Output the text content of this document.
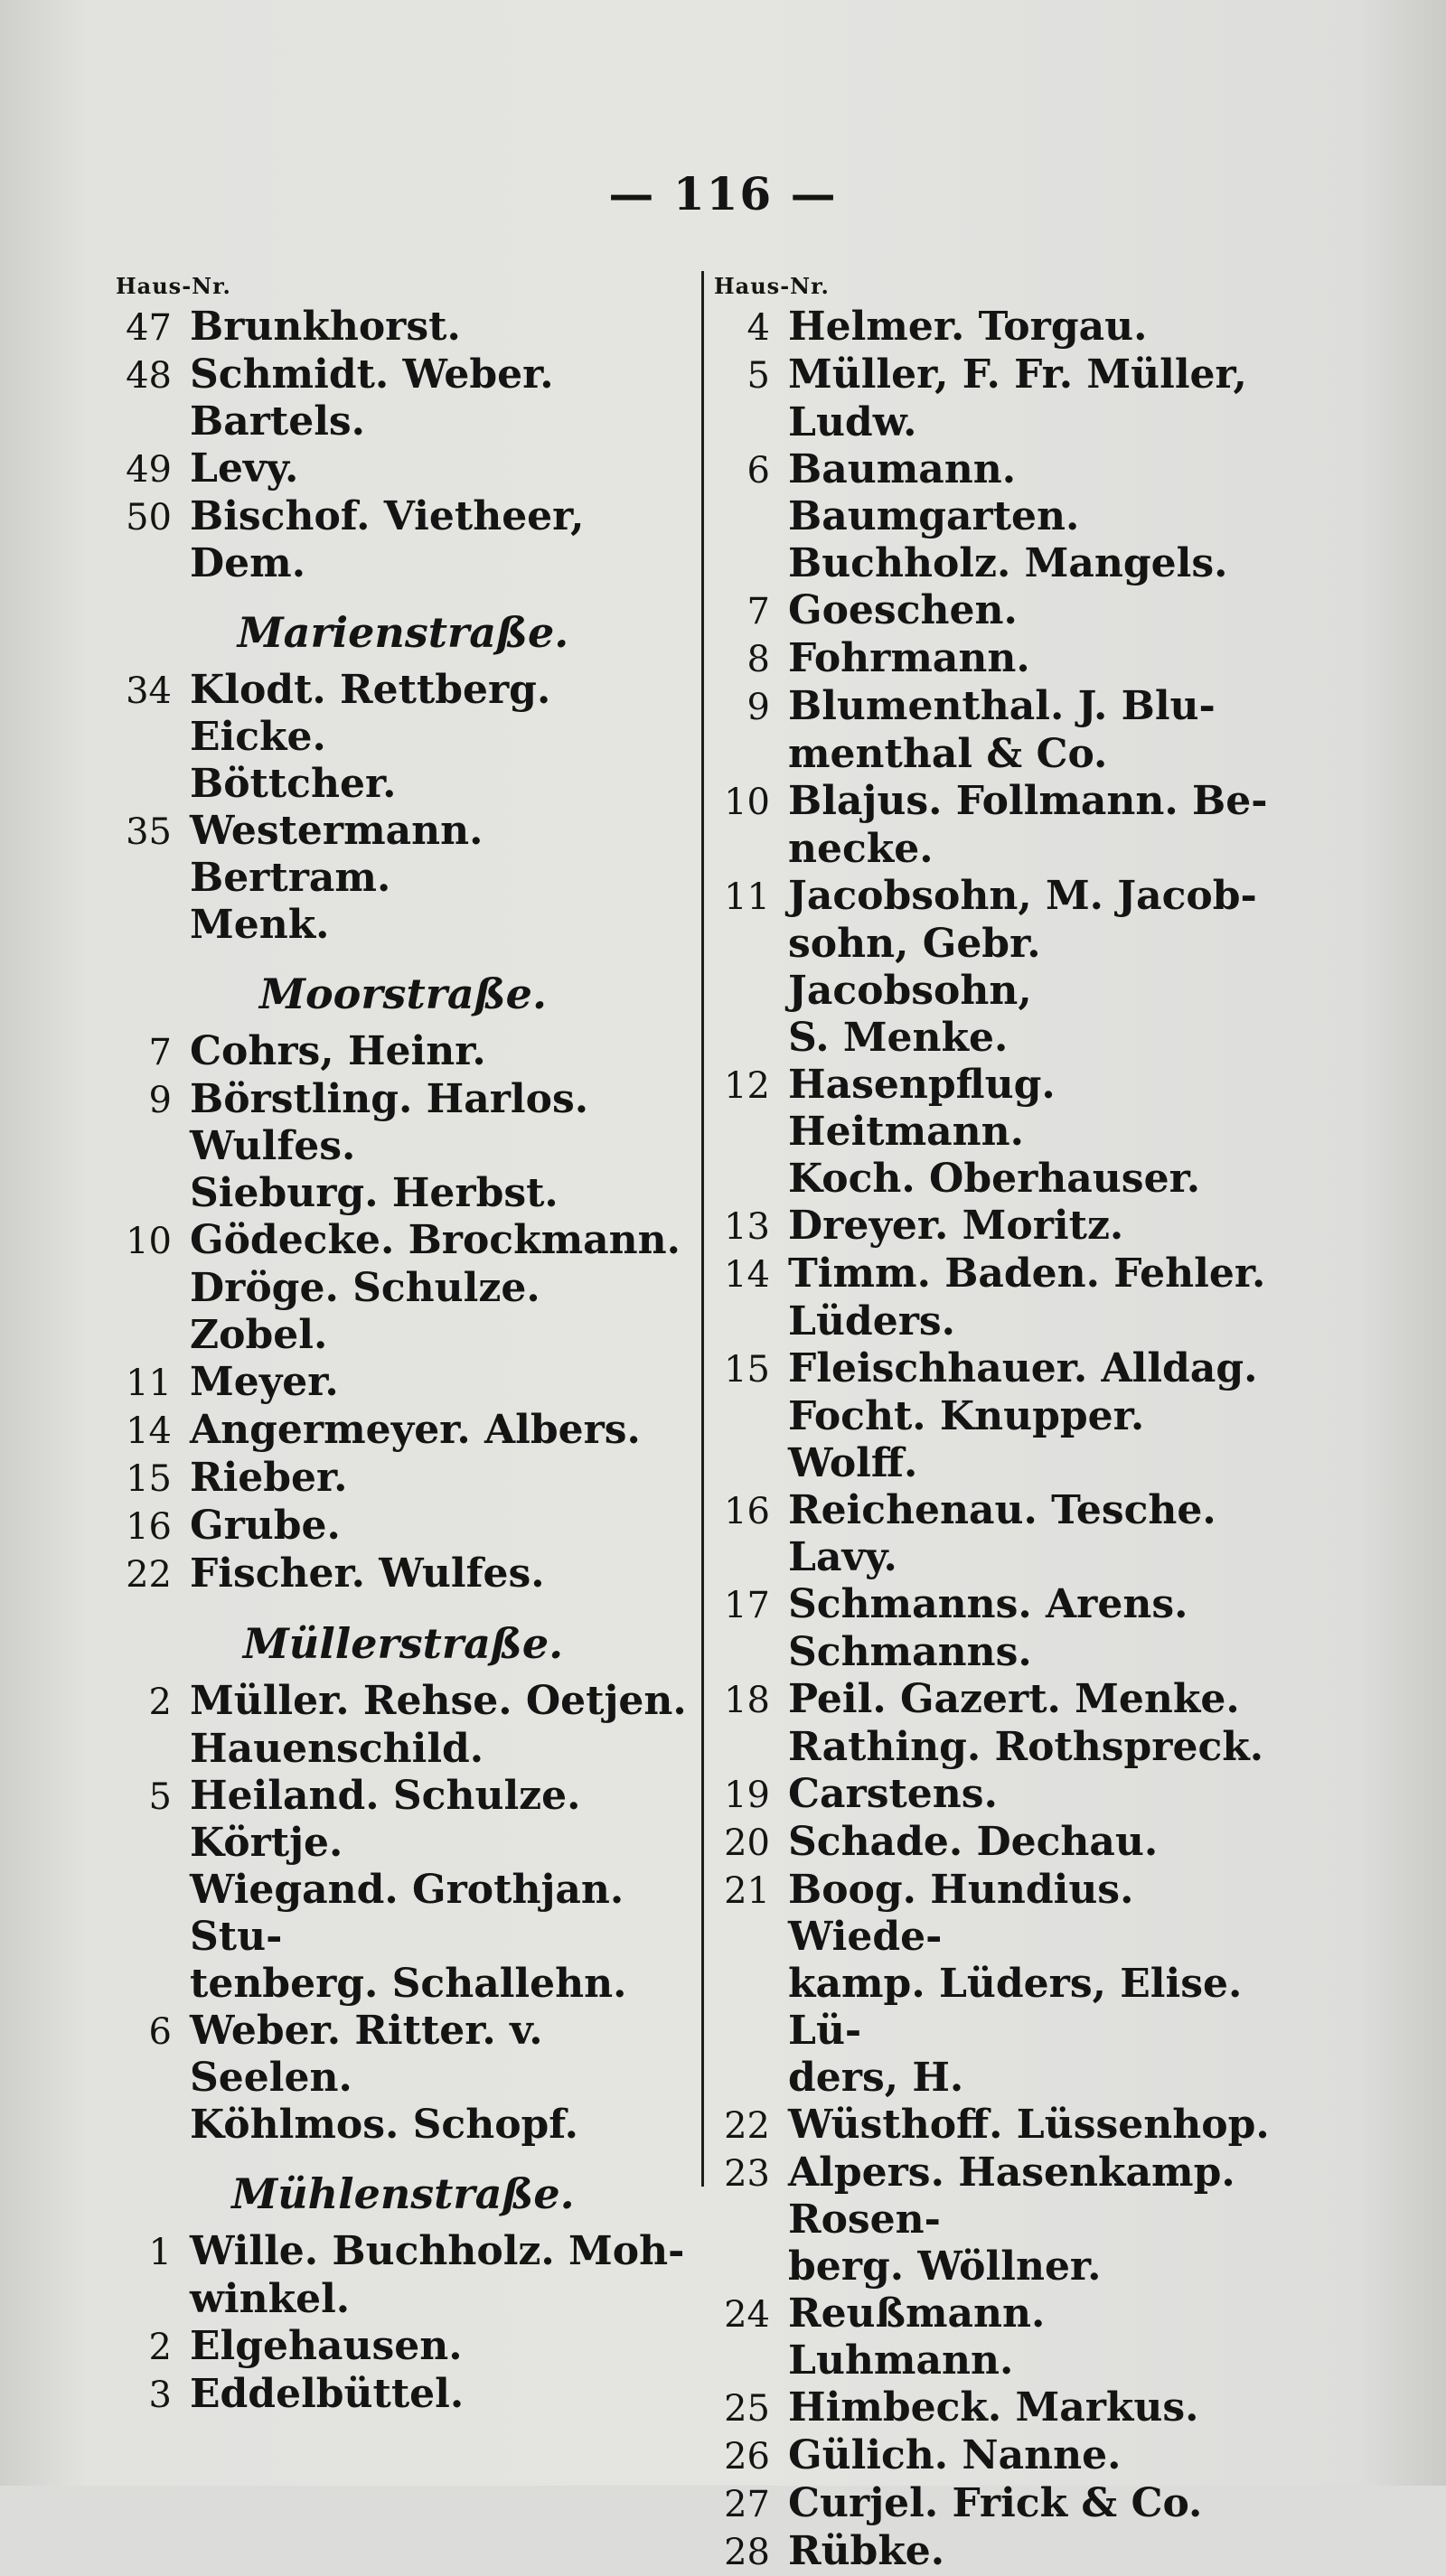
— 116 —
Haus-Nr.
47 Brunkhorst.
48 Schmidt. Weber. Bartels.
49 Levy.
50 Bischof. Vietheer, Dem.
Marienstraße.
34 Klodt. Rettberg. Eicke.
Böttcher.
35 Westermann. Bertram.
Menk.
Moorstraße.
7 Cohrs, Heinr.
9 Börstling. Harlos. Wulfes.
Sieburg. Herbst.
10 Gödecke. Brockmann.
Dröge. Schulze. Zobel.
11 Meyer.
14 Angermeyer. Albers.
15 Rieber.
16 Grube.
22 Fischer. Wulfes.
Müllerstraße.
2 Müller. Rehse. Oetjen.
Hauenschild.
5 Heiland. Schulze. Körtje.
Wiegand. Grothjan. Stu-
tenberg. Schallehn.
6 Weber. Ritter. v. Seelen.
Köhlmos. Schopf.
Mühlenstraße.
1 Wille. Buchholz. Moh-
winkel.
2 Elgehausen.
3 Eddelbüttel.
Haus-Nr.
4 Helmer. Torgau.
5 Müller, F. Fr. Müller,
Ludw.
6 Baumann. Baumgarten.
Buchholz. Mangels.
7 Goeschen.
8 Fohrmann.
9 Blumenthal. J. Blu-
menthal & Co.
10 Blajus. Follmann. Be-
necke.
11 Jacobsohn, M. Jacob-
sohn, Gebr. Jacobsohn,
S. Menke.
12 Hasenpflug. Heitmann.
Koch. Oberhauser.
13 Dreyer. Moritz.
14 Timm. Baden. Fehler.
Lüders.
15 Fleischhauer. Alldag.
Focht. Knupper. Wolff.
16 Reichenau. Tesche. Lavy.
17 Schmanns. Arens.
Schmanns.
18 Peil. Gazert. Menke.
Rathing. Rothspreck.
19 Carstens.
20 Schade. Dechau.
21 Boog. Hundius. Wiede-
kamp. Lüders, Elise. Lü-
ders, H.
22 Wüsthoff. Lüssenhop.
23 Alpers. Hasenkamp. Rosen-
berg. Wöllner.
24 Reußmann. Luhmann.
25 Himbeck. Markus.
26 Gülich. Nanne.
27 Curjel. Frick & Co.
28 Rübke.
